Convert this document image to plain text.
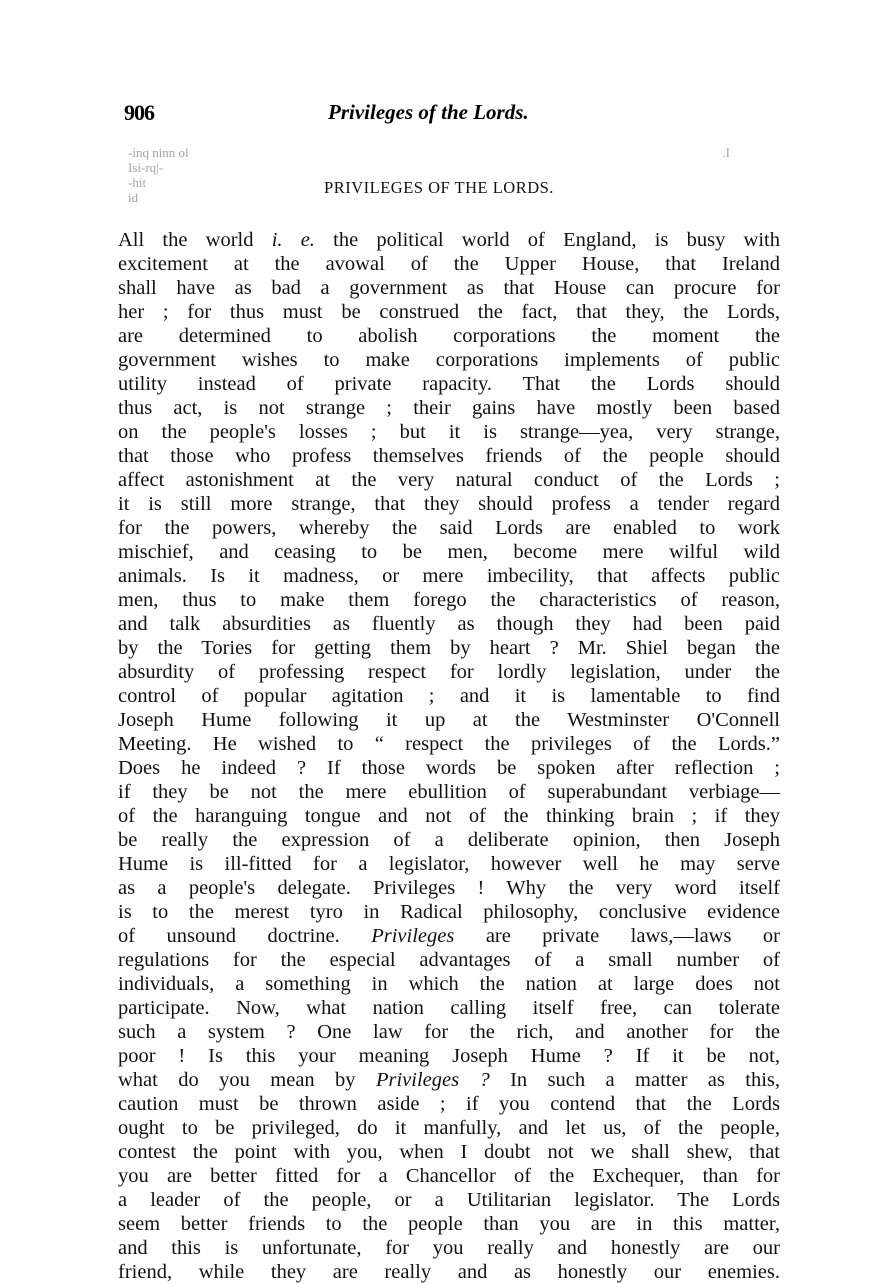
906	Privileges of the Lords.
-inq ninn ol
Isi-rq|-
-hit
id
.I
PRIVILEGES OF THE LORDS.
All the world i. e. the political world of England, is busy with
excitement at the avowal of the Upper House, that Ireland
shall have as bad a government as that House can procure for
her ; for thus must be construed the fact, that they, the Lords,
are determined to abolish corporations the moment the
government wishes to make corporations implements of public
utility instead of private rapacity. That the Lords should
thus act, is not strange ; their gains have mostly been based
on the people's losses ; but it is strange—yea, very strange,
that those who profess themselves friends of the people should
affect astonishment at the very natural conduct of the Lords ;
it is still more strange, that they should profess a tender regard
for the powers, whereby the said Lords are enabled to work
mischief, and ceasing to be men, become mere wilful wild
animals. Is it madness, or mere imbecility, that affects public
men, thus to make them forego the characteristics of reason,
and talk absurdities as fluently as though they had been paid
by the Tories for getting them by heart ? Mr. Shiel began the
absurdity of professing respect for lordly legislation, under the
control of popular agitation ; and it is lamentable to find
Joseph Hume following it up at the Westminster O'Connell
Meeting. He wished to “ respect the privileges of the Lords.”
Does he indeed ? If those words be spoken after reflection ;
if they be not the mere ebullition of superabundant verbiage—
of the haranguing tongue and not of the thinking brain ; if they
be really the expression of a deliberate opinion, then Joseph
Hume is ill-fitted for a legislator, however well he may serve
as a people's delegate. Privileges ! Why the very word itself
is to the merest tyro in Radical philosophy, conclusive evidence
of unsound doctrine. Privileges are private laws,—laws or
regulations for the especial advantages of a small number of
individuals, a something in which the nation at large does not
participate. Now, what nation calling itself free, can tolerate
such a system ? One law for the rich, and another for the
poor ! Is this your meaning Joseph Hume ? If it be not,
what do you mean by Privileges ? In such a matter as this,
caution must be thrown aside ; if you contend that the Lords
ought to be privileged, do it manfully, and let us, of the people,
contest the point with you, when I doubt not we shall shew, that
you are better fitted for a Chancellor of the Exchequer, than for
a leader of the people, or a Utilitarian legislator. The Lords
seem better friends to the people than you are in this matter,
and this is unfortunate, for you really and honestly are our
friend, while they are really and as honestly our enemies.
